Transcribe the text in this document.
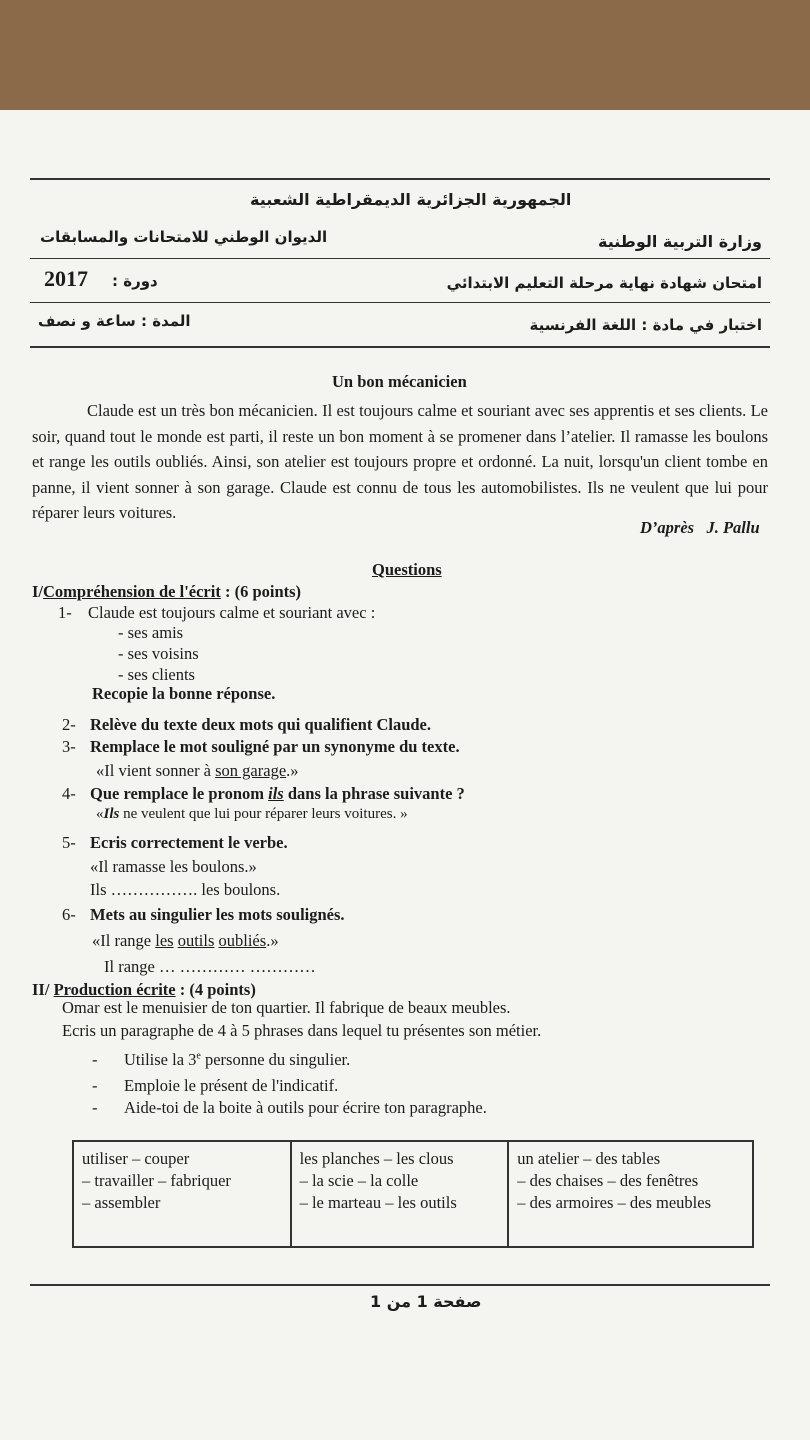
الجمهورية الجزائرية الديمقراطية الشعبية
الديوان الوطني للامتحانات والمسابقات	وزارة التربية الوطنية
2017 دورة :	امتحان شهادة نهاية مرحلة التعليم الابتدائي
المدة : ساعة و نصف	اختبار في مادة : اللغة الفرنسية
Un bon mécanicien

Claude est un très bon mécanicien. Il est toujours calme et souriant avec ses apprentis et ses clients. Le soir, quand tout le monde est parti, il reste un bon moment à se promener dans l’atelier. Il ramasse les boulons et range les outils oubliés. Ainsi, son atelier est toujours propre et ordonné. La nuit, lorsqu'un client tombe en panne, il vient sonner à son garage. Claude est connu de tous les automobilistes. Ils ne veulent que lui pour réparer leurs voitures.

D’après J. Pallu
Questions
I/Compréhension de l'écrit : (6 points)
1- Claude est toujours calme et souriant avec :
- ses amis
- ses voisins
- ses clients
Recopie la bonne réponse.
2- Relève du texte deux mots qui qualifient Claude.
3- Remplace le mot souligné par un synonyme du texte.
«Il vient sonner à son garage.»
4- Que remplace le pronom ils dans la phrase suivante ?
«Ils ne veulent que lui pour réparer leurs voitures. »
5- Ecris correctement le verbe.
«Il ramasse les boulons.»
Ils ……………. les boulons.
6- Mets au singulier les mots soulignés.
«Il range les outils oubliés.»
Il range … ………… …………
II/ Production écrite : (4 points)
Omar est le menuisier de ton quartier. Il fabrique de beaux meubles.
Ecris un paragraphe de 4 à 5 phrases dans lequel tu présentes son métier.
- Utilise la 3e personne du singulier.
- Emploie le présent de l'indicatif.
- Aide-toi de la boite à outils pour écrire ton paragraphe.
utiliser – couper
– travailler – fabriquer
– assembler

les planches – les clous
– la scie – la colle
– le marteau – les outils

un atelier – des tables
– des chaises – des fenêtres
– des armoires – des meubles
صفحة 1 من 1
